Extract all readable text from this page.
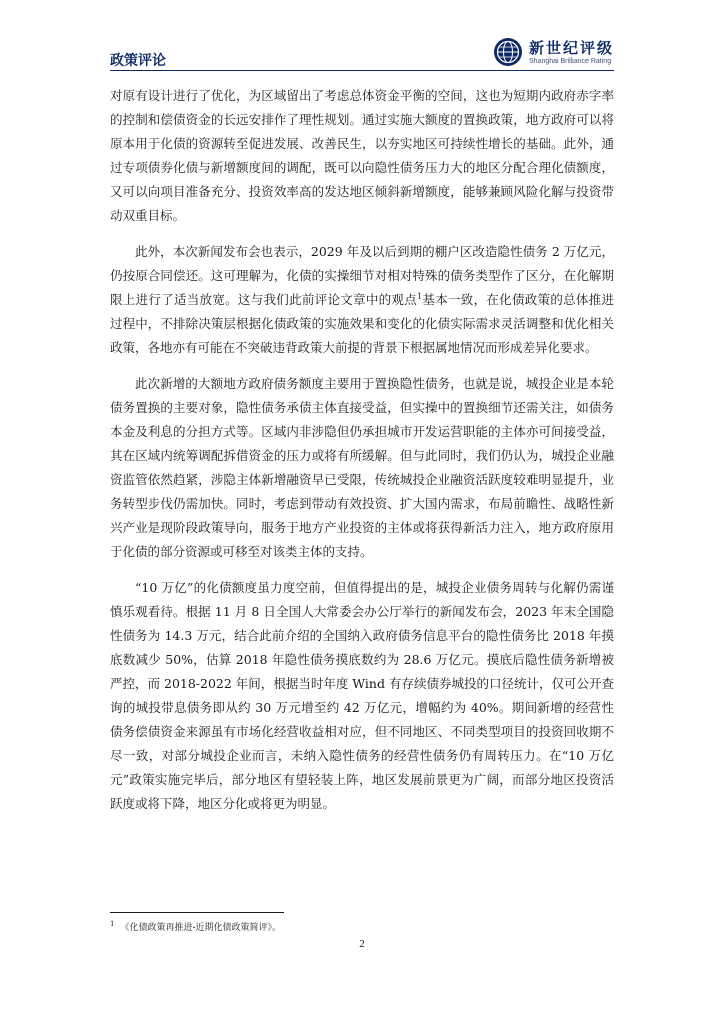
政策评论
新世纪评级
Shanghai Brilliance Rating

对原有设计进行了优化，为区域留出了考虑总体资金平衡的空间，这也为短期内政府赤字率的控制和偿债资金的长远安排作了理性规划。通过实施大额度的置换政策，地方政府可以将原本用于化债的资源转至促进发展、改善民生，以夯实地区可持续性增长的基础。此外，通过专项债券化债与新增额度间的调配，既可以向隐性债务压力大的地区分配合理化债额度，又可以向项目准备充分、投资效率高的发达地区倾斜新增额度，能够兼顾风险化解与投资带动双重目标。

此外，本次新闻发布会也表示，2029 年及以后到期的棚户区改造隐性债务 2 万亿元，仍按原合同偿还。这可理解为，化债的实操细节对相对特殊的债务类型作了区分，在化解期限上进行了适当放宽。这与我们此前评论文章中的观点$^1$基本一致，在化债政策的总体推进过程中，不排除决策层根据化债政策的实施效果和变化的化债实际需求灵活调整和优化相关政策，各地亦有可能在不突破违背政策大前提的背景下根据属地情况而形成差异化要求。

此次新增的大额地方政府债务额度主要用于置换隐性债务，也就是说，城投企业是本轮债务置换的主要对象，隐性债务承债主体直接受益，但实操中的置换细节还需关注，如债务本金及利息的分担方式等。区域内非涉隐但仍承担城市开发运营职能的主体亦可间接受益，其在区域内统筹调配拆借资金的压力或将有所缓解。但与此同时，我们仍认为，城投企业融资监管依然趋紧，涉隐主体新增融资早已受限，传统城投企业融资活跃度较难明显提升，业务转型步伐仍需加快。同时，考虑到带动有效投资、扩大国内需求，布局前瞻性、战略性新兴产业是现阶段政策导向，服务于地方产业投资的主体或将获得新活力注入，地方政府原用于化债的部分资源或可移至对该类主体的支持。

“10 万亿”的化债额度虽力度空前，但值得提出的是，城投企业债务周转与化解仍需谨慎乐观看待。根据 11 月 8 日全国人大常委会办公厅举行的新闻发布会，2023 年末全国隐性债务为 14.3 万元，结合此前介绍的全国纳入政府债务信息平台的隐性债务比 2018 年摸底数减少 50%，估算 2018 年隐性债务摸底数约为 28.6 万亿元。摸底后隐性债务新增被严控，而 2018-2022 年间，根据当时年度 Wind 有存续债券城投的口径统计，仅可公开查询的城投带息债务即从约 30 万元增至约 42 万亿元，增幅约为 40%。期间新增的经营性债务偿债资金来源虽有市场化经营收益相对应，但不同地区、不同类型项目的投资回收期不尽一致，对部分城投企业而言，未纳入隐性债务的经营性债务仍有周转压力。在“10 万亿元”政策实施完毕后，部分地区有望轻装上阵，地区发展前景更为广阔，而部分地区投资活跃度或将下降，地区分化或将更为明显。

$^1$ 《化债政策再推进-近期化债政策简评》。
2
